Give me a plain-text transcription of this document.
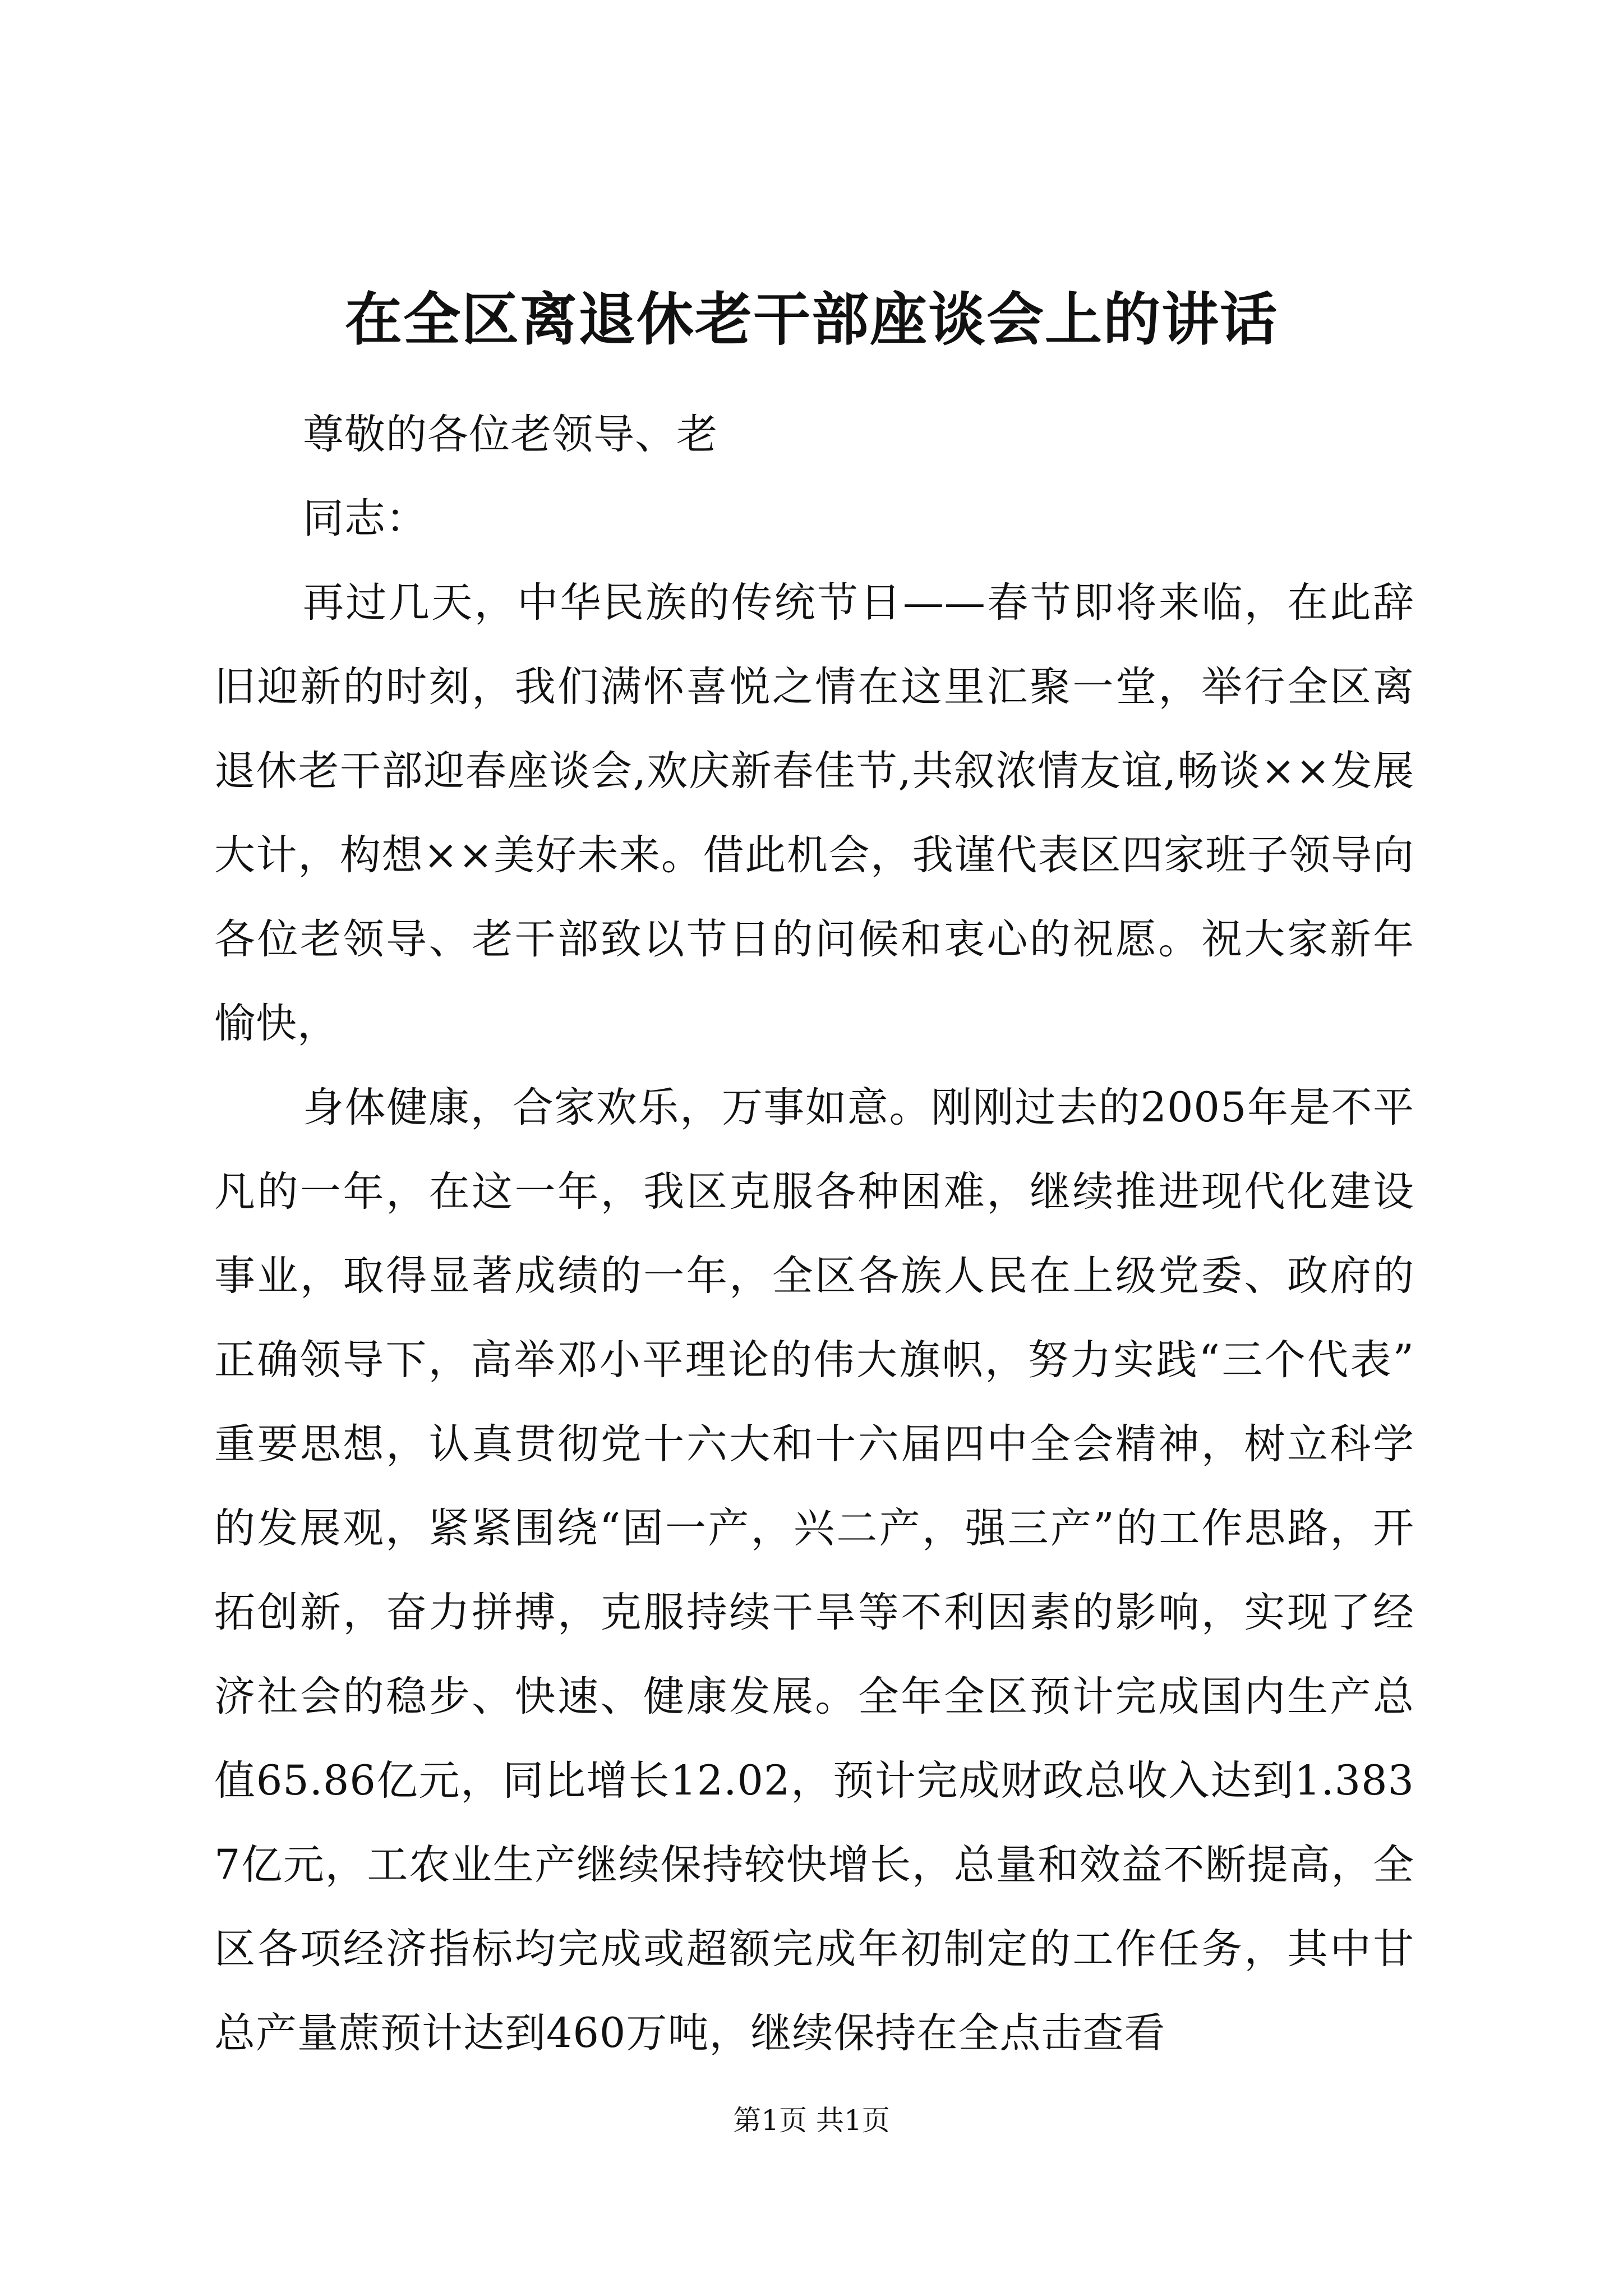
在全区离退休老干部座谈会上的讲话

尊敬的各位老领导、老

同志：

再过几天，中华民族的传统节日——春节即将来临，在此辞旧迎新的时刻，我们满怀喜悦之情在这里汇聚一堂，举行全区离退休老干部迎春座谈会,欢庆新春佳节,共叙浓情友谊,畅谈××发展大计，构想××美好未来。借此机会，我谨代表区四家班子领导向各位老领导、老干部致以节日的问候和衷心的祝愿。祝大家新年愉快，

身体健康，合家欢乐，万事如意。刚刚过去的2005年是不平凡的一年，在这一年，我区克服各种困难，继续推进现代化建设事业，取得显著成绩的一年，全区各族人民在上级党委、政府的正确领导下，高举邓小平理论的伟大旗帜，努力实践“三个代表”重要思想，认真贯彻党十六大和十六届四中全会精神，树立科学的发展观，紧紧围绕“固一产，兴二产，强三产”的工作思路，开拓创新，奋力拼搏，克服持续干旱等不利因素的影响，实现了经济社会的稳步、快速、健康发展。全年全区预计完成国内生产总值65.86亿元，同比增长12.02，预计完成财政总收入达到1.3837亿元，工农业生产继续保持较快增长，总量和效益不断提高，全区各项经济指标均完成或超额完成年初制定的工作任务，其中甘总产量蔗预计达到460万吨，继续保持在全点击查看

第1页 共1页
